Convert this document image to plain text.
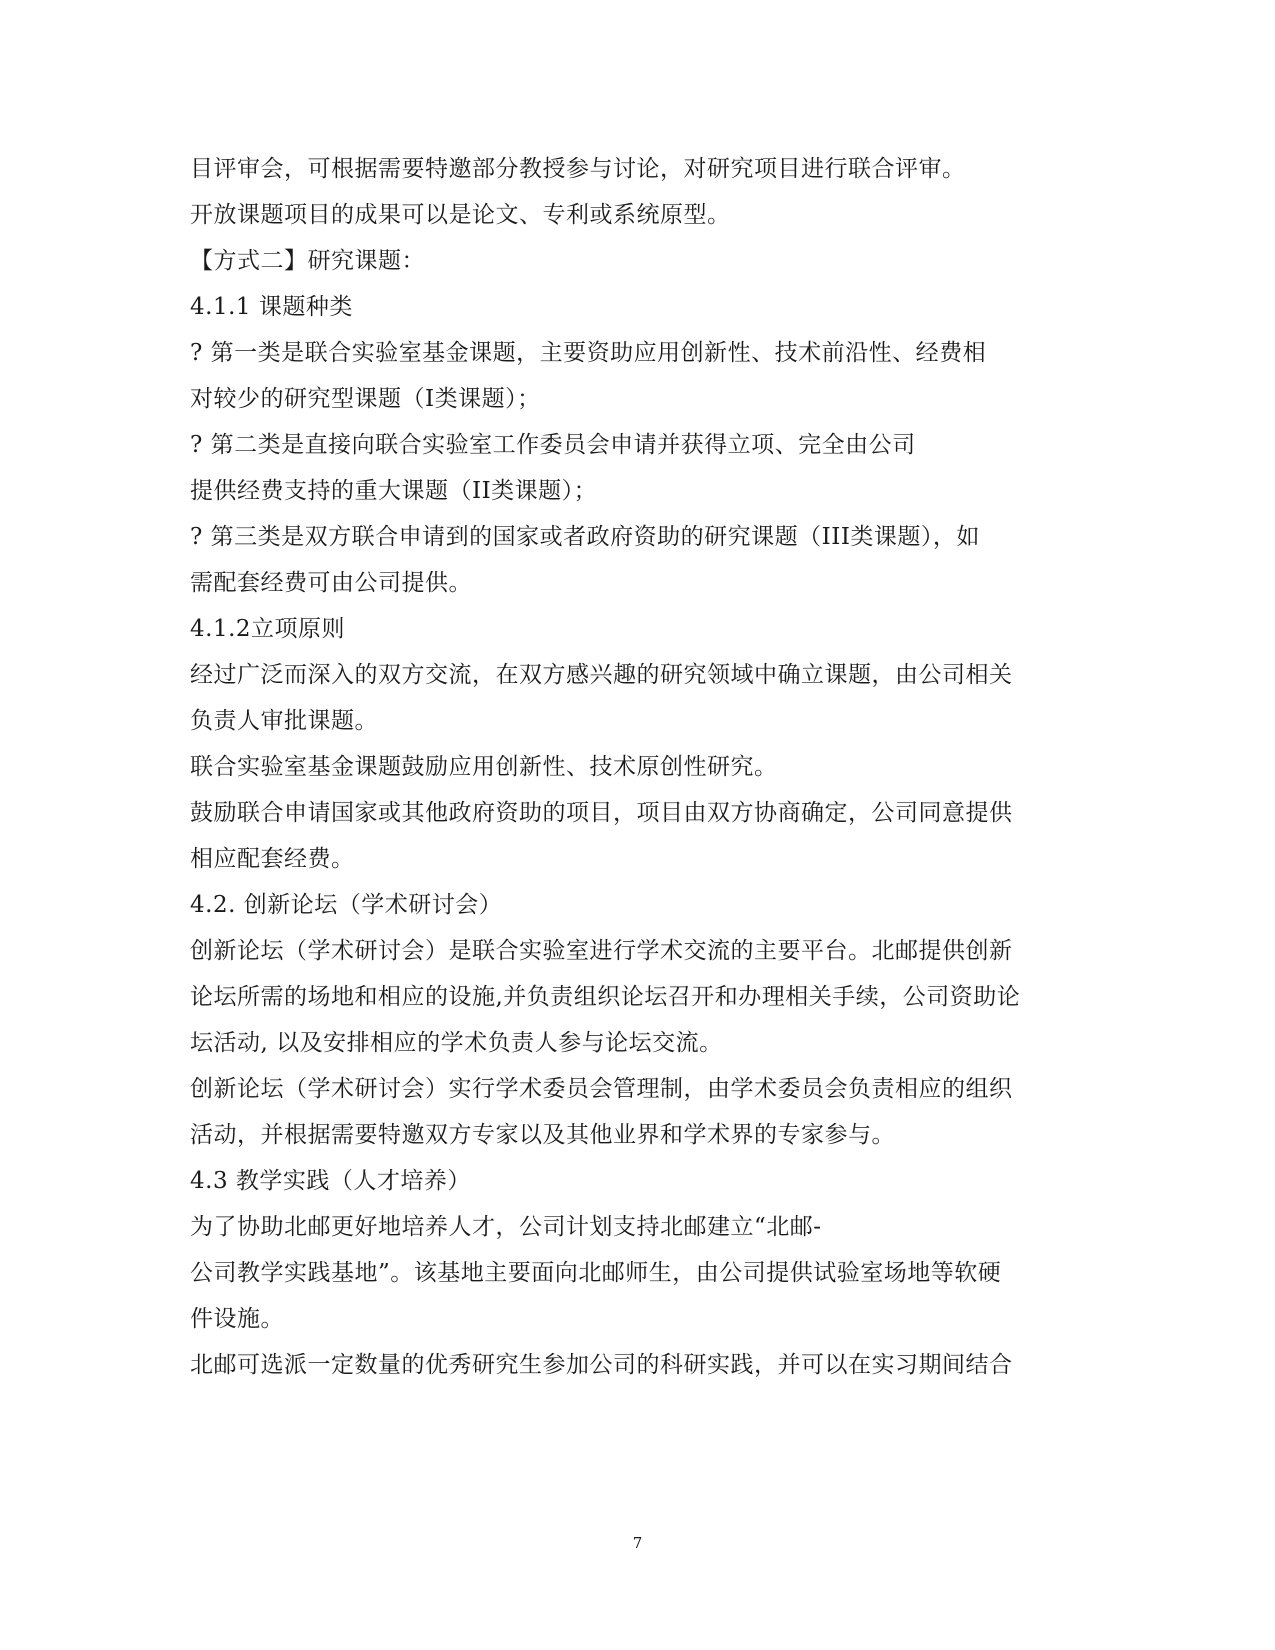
目评审会，可根据需要特邀部分教授参与讨论，对研究项目进行联合评审。
开放课题项目的成果可以是论文、专利或系统原型。
【方式二】研究课题：
4.1.1 课题种类
? 第一类是联合实验室基金课题，主要资助应用创新性、技术前沿性、经费相
对较少的研究型课题（I类课题）；
? 第二类是直接向联合实验室工作委员会申请并获得立项、完全由公司
提供经费支持的重大课题（II类课题）；
? 第三类是双方联合申请到的国家或者政府资助的研究课题（III类课题），如
需配套经费可由公司提供。
4.1.2立项原则
经过广泛而深入的双方交流，在双方感兴趣的研究领域中确立课题，由公司相关
负责人审批课题。
联合实验室基金课题鼓励应用创新性、技术原创性研究。
鼓励联合申请国家或其他政府资助的项目，项目由双方协商确定，公司同意提供
相应配套经费。
4.2. 创新论坛（学术研讨会）
创新论坛（学术研讨会）是联合实验室进行学术交流的主要平台。北邮提供创新
论坛所需的场地和相应的设施,并负责组织论坛召开和办理相关手续，公司资助论
坛活动, 以及安排相应的学术负责人参与论坛交流。
创新论坛（学术研讨会）实行学术委员会管理制，由学术委员会负责相应的组织
活动，并根据需要特邀双方专家以及其他业界和学术界的专家参与。
4.3 教学实践（人才培养）
为了协助北邮更好地培养人才，公司计划支持北邮建立“北邮-
公司教学实践基地”。该基地主要面向北邮师生，由公司提供试验室场地等软硬
件设施。
北邮可选派一定数量的优秀研究生参加公司的科研实践，并可以在实习期间结合
7
